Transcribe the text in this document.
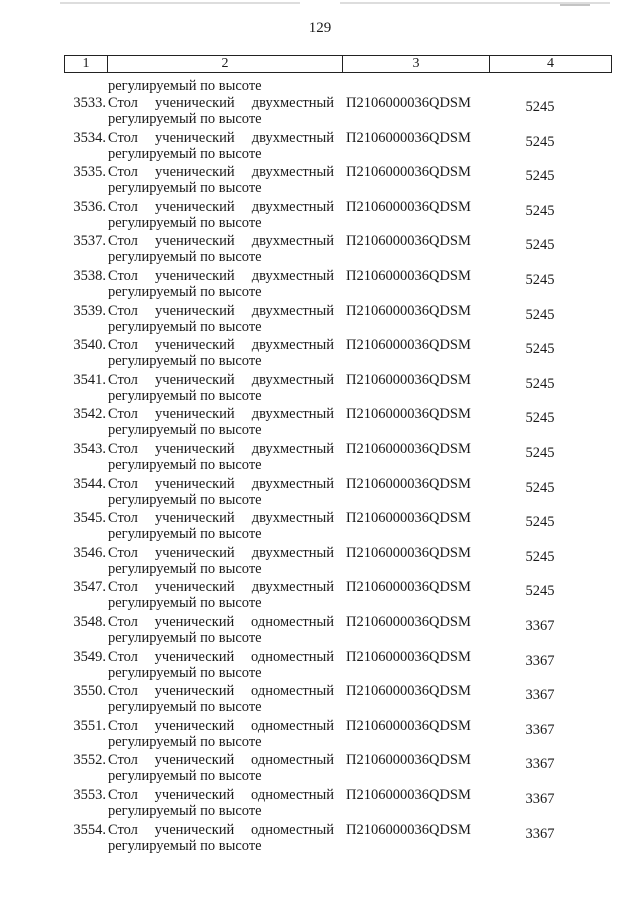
129
1	2	3	4
регулируемый по высоте
3533. Стол ученический двухместный
регулируемый по высоте
П2106000036QDSM	5245
3534. Стол ученический двухместный
регулируемый по высоте
П2106000036QDSM	5245
3535. Стол ученический двухместный
регулируемый по высоте
П2106000036QDSM	5245
3536. Стол ученический двухместный
регулируемый по высоте
П2106000036QDSM	5245
3537. Стол ученический двухместный
регулируемый по высоте
П2106000036QDSM	5245
3538. Стол ученический двухместный
регулируемый по высоте
П2106000036QDSM	5245
3539. Стол ученический двухместный
регулируемый по высоте
П2106000036QDSM	5245
3540. Стол ученический двухместный
регулируемый по высоте
П2106000036QDSM	5245
3541. Стол ученический двухместный
регулируемый по высоте
П2106000036QDSM	5245
3542. Стол ученический двухместный
регулируемый по высоте
П2106000036QDSM	5245
3543. Стол ученический двухместный
регулируемый по высоте
П2106000036QDSM	5245
3544. Стол ученический двухместный
регулируемый по высоте
П2106000036QDSM	5245
3545. Стол ученический двухместный
регулируемый по высоте
П2106000036QDSM	5245
3546. Стол ученический двухместный
регулируемый по высоте
П2106000036QDSM	5245
3547. Стол ученический двухместный
регулируемый по высоте
П2106000036QDSM	5245
3548. Стол ученический одноместный
регулируемый по высоте
П2106000036QDSM	3367
3549. Стол ученический одноместный
регулируемый по высоте
П2106000036QDSM	3367
3550. Стол ученический одноместный
регулируемый по высоте
П2106000036QDSM	3367
3551. Стол ученический одноместный
регулируемый по высоте
П2106000036QDSM	3367
3552. Стол ученический одноместный
регулируемый по высоте
П2106000036QDSM	3367
3553. Стол ученический одноместный
регулируемый по высоте
П2106000036QDSM	3367
3554. Стол ученический одноместный
регулируемый по высоте
П2106000036QDSM	3367
